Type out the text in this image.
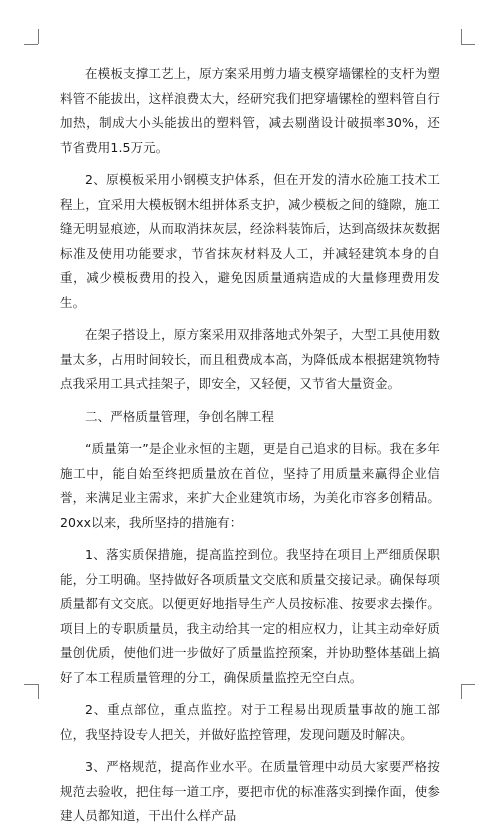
在模板支撑工艺上，原方案采用剪力墙支模穿墙镙栓的支杆为塑料管不能拔出，这样浪费太大，经研究我们把穿墙镙栓的塑料管自行加热，制成大小头能拔出的塑料管，减去剔凿设计破损率30%，还节省费用1.5万元。

2、原模板采用小钢模支护体系，但在开发的清水砼施工技术工程上，宜采用大模板钢木组拼体系支护，减少模板之间的缝隙，施工缝无明显痕迹，从而取消抹灰层，经涂料装饰后，达到高级抹灰数据标准及使用功能要求，节省抹灰材料及人工，并减轻建筑本身的自重，减少模板费用的投入，避免因质量通病造成的大量修理费用发生。

在架子搭设上，原方案采用双排落地式外架子，大型工具使用数量太多，占用时间较长，而且租费成本高，为降低成本根据建筑物特点我采用工具式挂架子，即安全，又轻便，又节省大量资金。

二、严格质量管理，争创名牌工程

“质量第一”是企业永恒的主题，更是自己追求的目标。我在多年施工中，能自始至终把质量放在首位，坚持了用质量来赢得企业信誉，来满足业主需求，来扩大企业建筑市场，为美化市容多创精品。20xx以来，我所坚持的措施有：

1、落实质保措施，提高监控到位。我坚持在项目上严细质保职能，分工明确。坚持做好各项质量文交底和质量交接记录。确保每项质量都有文交底。以便更好地指导生产人员按标准、按要求去操作。项目上的专职质量员，我主动给其一定的相应权力，让其主动牵好质量创优质，使他们进一步做好了质量监控预案，并协助整体基础上搞好了本工程质量管理的分工，确保质量监控无空白点。

2、重点部位，重点监控。对于工程易出现质量事故的施工部位，我坚持设专人把关，并做好监控管理，发现问题及时解决。

3、严格规范，提高作业水平。在质量管理中动员大家要严格按规范去验收，把住每一道工序，要把市优的标准落实到操作面，使参建人员都知道，干出什么样产品
